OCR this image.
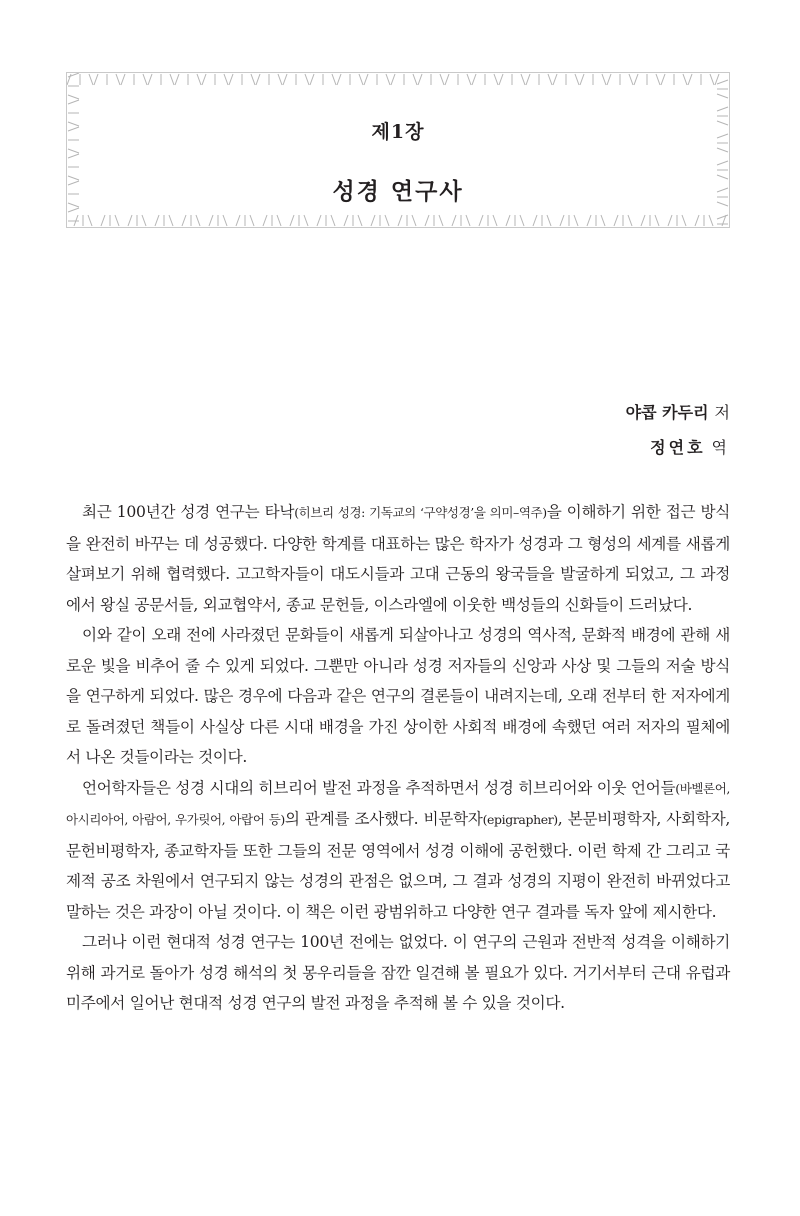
제1장
성경 연구사
야콥 카두리 저
정연호 역

최근 100년간 성경 연구는 타낙(히브리 성경: 기독교의 ‘구약성경’을 의미–역주)을 이해하기 위한 접근 방식을 완전히 바꾸는 데 성공했다. 다양한 학계를 대표하는 많은 학자가 성경과 그 형성의 세계를 새롭게 살펴보기 위해 협력했다. 고고학자들이 대도시들과 고대 근동의 왕국들을 발굴하게 되었고, 그 과정에서 왕실 공문서들, 외교협약서, 종교 문헌들, 이스라엘에 이웃한 백성들의 신화들이 드러났다.

이와 같이 오래 전에 사라졌던 문화들이 새롭게 되살아나고 성경의 역사적, 문화적 배경에 관해 새로운 빛을 비추어 줄 수 있게 되었다. 그뿐만 아니라 성경 저자들의 신앙과 사상 및 그들의 저술 방식을 연구하게 되었다. 많은 경우에 다음과 같은 연구의 결론들이 내려지는데, 오래 전부터 한 저자에게로 돌려졌던 책들이 사실상 다른 시대 배경을 가진 상이한 사회적 배경에 속했던 여러 저자의 필체에서 나온 것들이라는 것이다.

언어학자들은 성경 시대의 히브리어 발전 과정을 추적하면서 성경 히브리어와 이웃 언어들(바벨론어, 아시리아어, 아람어, 우가릿어, 아랍어 등)의 관계를 조사했다. 비문학자(epigrapher), 본문비평학자, 사회학자, 문헌비평학자, 종교학자들 또한 그들의 전문 영역에서 성경 이해에 공헌했다. 이런 학제 간 그리고 국제적 공조 차원에서 연구되지 않는 성경의 관점은 없으며, 그 결과 성경의 지평이 완전히 바뀌었다고 말하는 것은 과장이 아닐 것이다. 이 책은 이런 광범위하고 다양한 연구 결과를 독자 앞에 제시한다.

그러나 이런 현대적 성경 연구는 100년 전에는 없었다. 이 연구의 근원과 전반적 성격을 이해하기 위해 과거로 돌아가 성경 해석의 첫 몽우리들을 잠깐 일견해 볼 필요가 있다. 거기서부터 근대 유럽과 미주에서 일어난 현대적 성경 연구의 발전 과정을 추적해 볼 수 있을 것이다.
